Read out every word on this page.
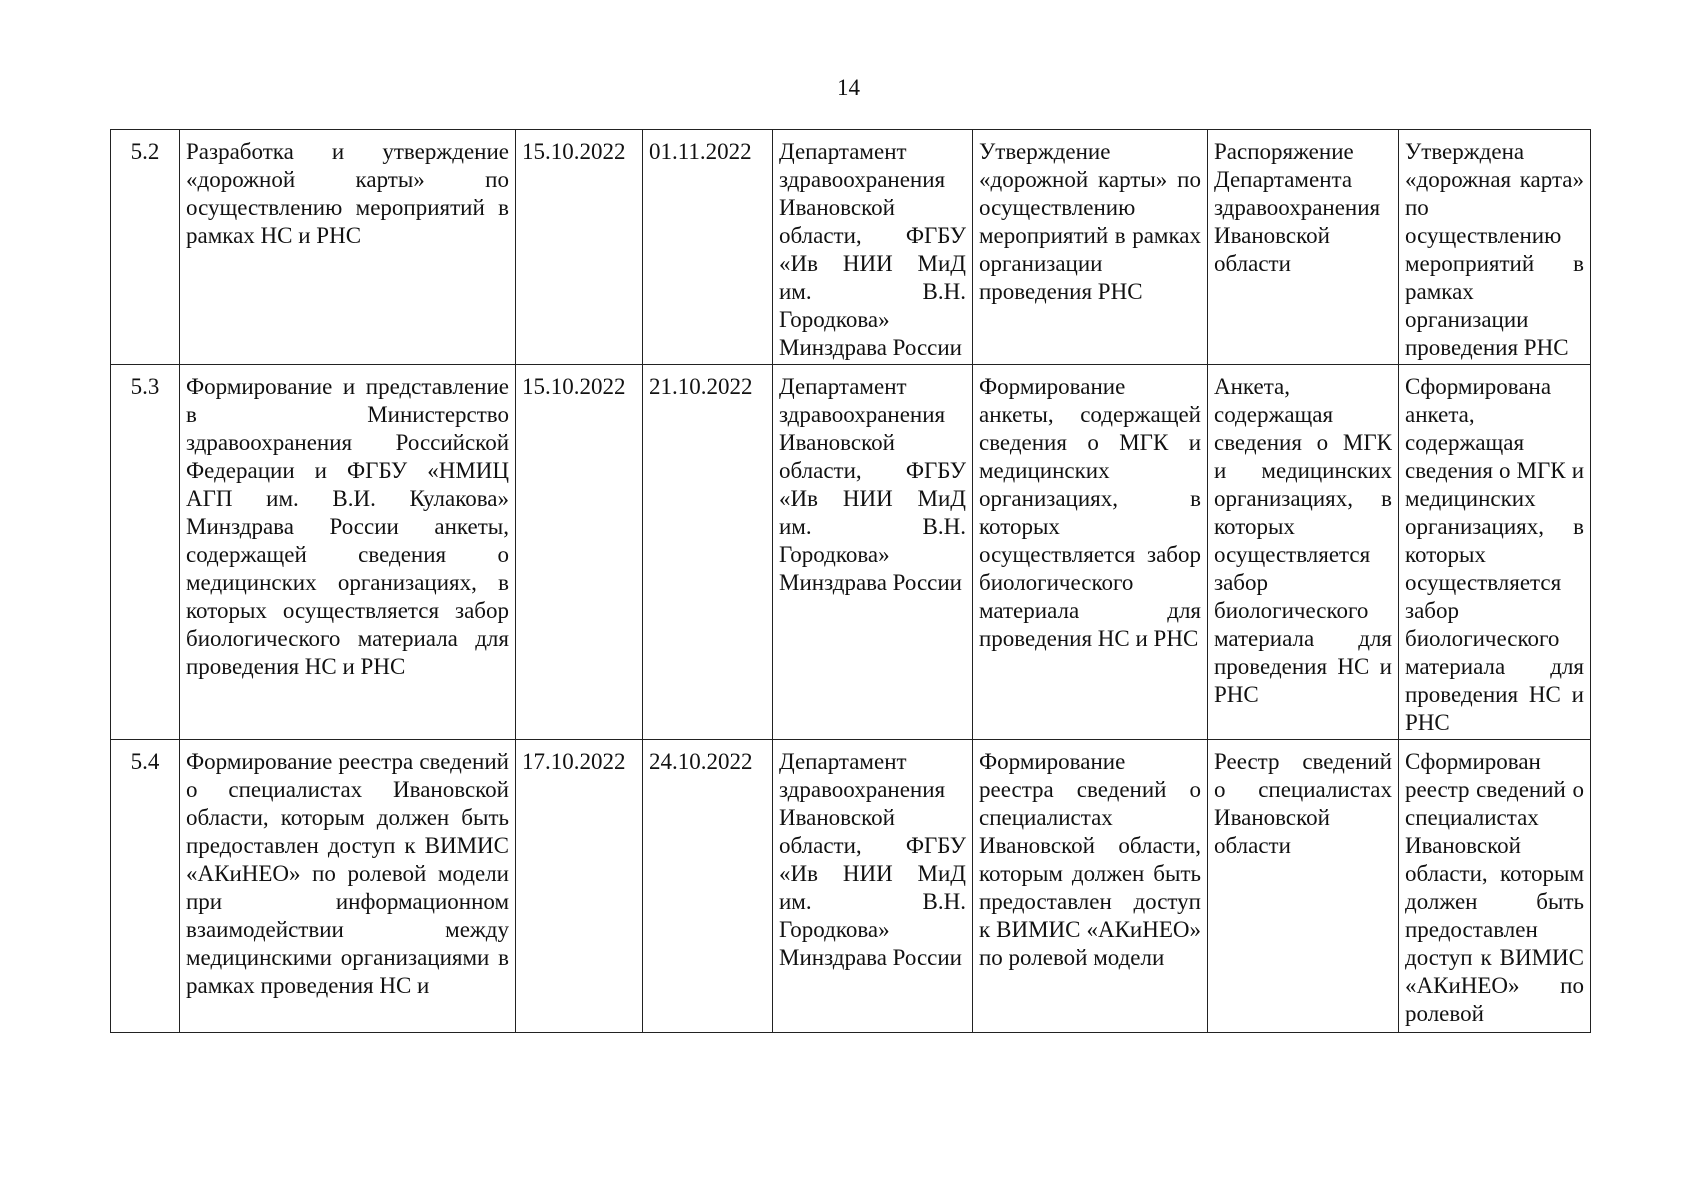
14
5.2	Разработка и утверждение «дорожной карты» по осуществлению мероприятий в рамках НС и РНС	15.10.2022	01.11.2022	Департамент здравоохранения Ивановской области, ФГБУ «Ив НИИ МиД им. В.Н. Городкова» Минздрава России	Утверждение «дорожной карты» по осуществлению мероприятий в рамках организации проведения РНС	Распоряжение Департамента здравоохранения Ивановской области	Утверждена «дорожная карта» по осуществлению мероприятий в рамках организации проведения РНС
5.3	Формирование и представление в Министерство здравоохранения Российской Федерации и ФГБУ «НМИЦ АГП им. В.И. Кулакова» Минздрава России анкеты, содержащей сведения о медицинских организациях, в которых осуществляется забор биологического материала для проведения НС и РНС	15.10.2022	21.10.2022	Департамент здравоохранения Ивановской области, ФГБУ «Ив НИИ МиД им. В.Н. Городкова» Минздрава России	Формирование анкеты, содержащей сведения о МГК и медицинских организациях, в которых осуществляется забор биологического материала для проведения НС и РНС	Анкета, содержащая сведения о МГК и медицинских организациях, в которых осуществляется забор биологического материала для проведения НС и РНС	Сформирована анкета, содержащая сведения о МГК и медицинских организациях, в которых осуществляется забор биологического материала для проведения НС и РНС
5.4	Формирование реестра сведений о специалистах Ивановской области, которым должен быть предоставлен доступ к ВИМИС «АКиНЕО» по ролевой модели при информационном взаимодействии между медицинскими организациями в рамках проведения НС и	17.10.2022	24.10.2022	Департамент здравоохранения Ивановской области, ФГБУ «Ив НИИ МиД им. В.Н. Городкова» Минздрава России	Формирование реестра сведений о специалистах Ивановской области, которым должен быть предоставлен доступ к ВИМИС «АКиНЕО» по ролевой модели	Реестр сведений о специалистах Ивановской области	Сформирован реестр сведений о специалистах Ивановской области, которым должен быть предоставлен доступ к ВИМИС «АКиНЕО» по ролевой
